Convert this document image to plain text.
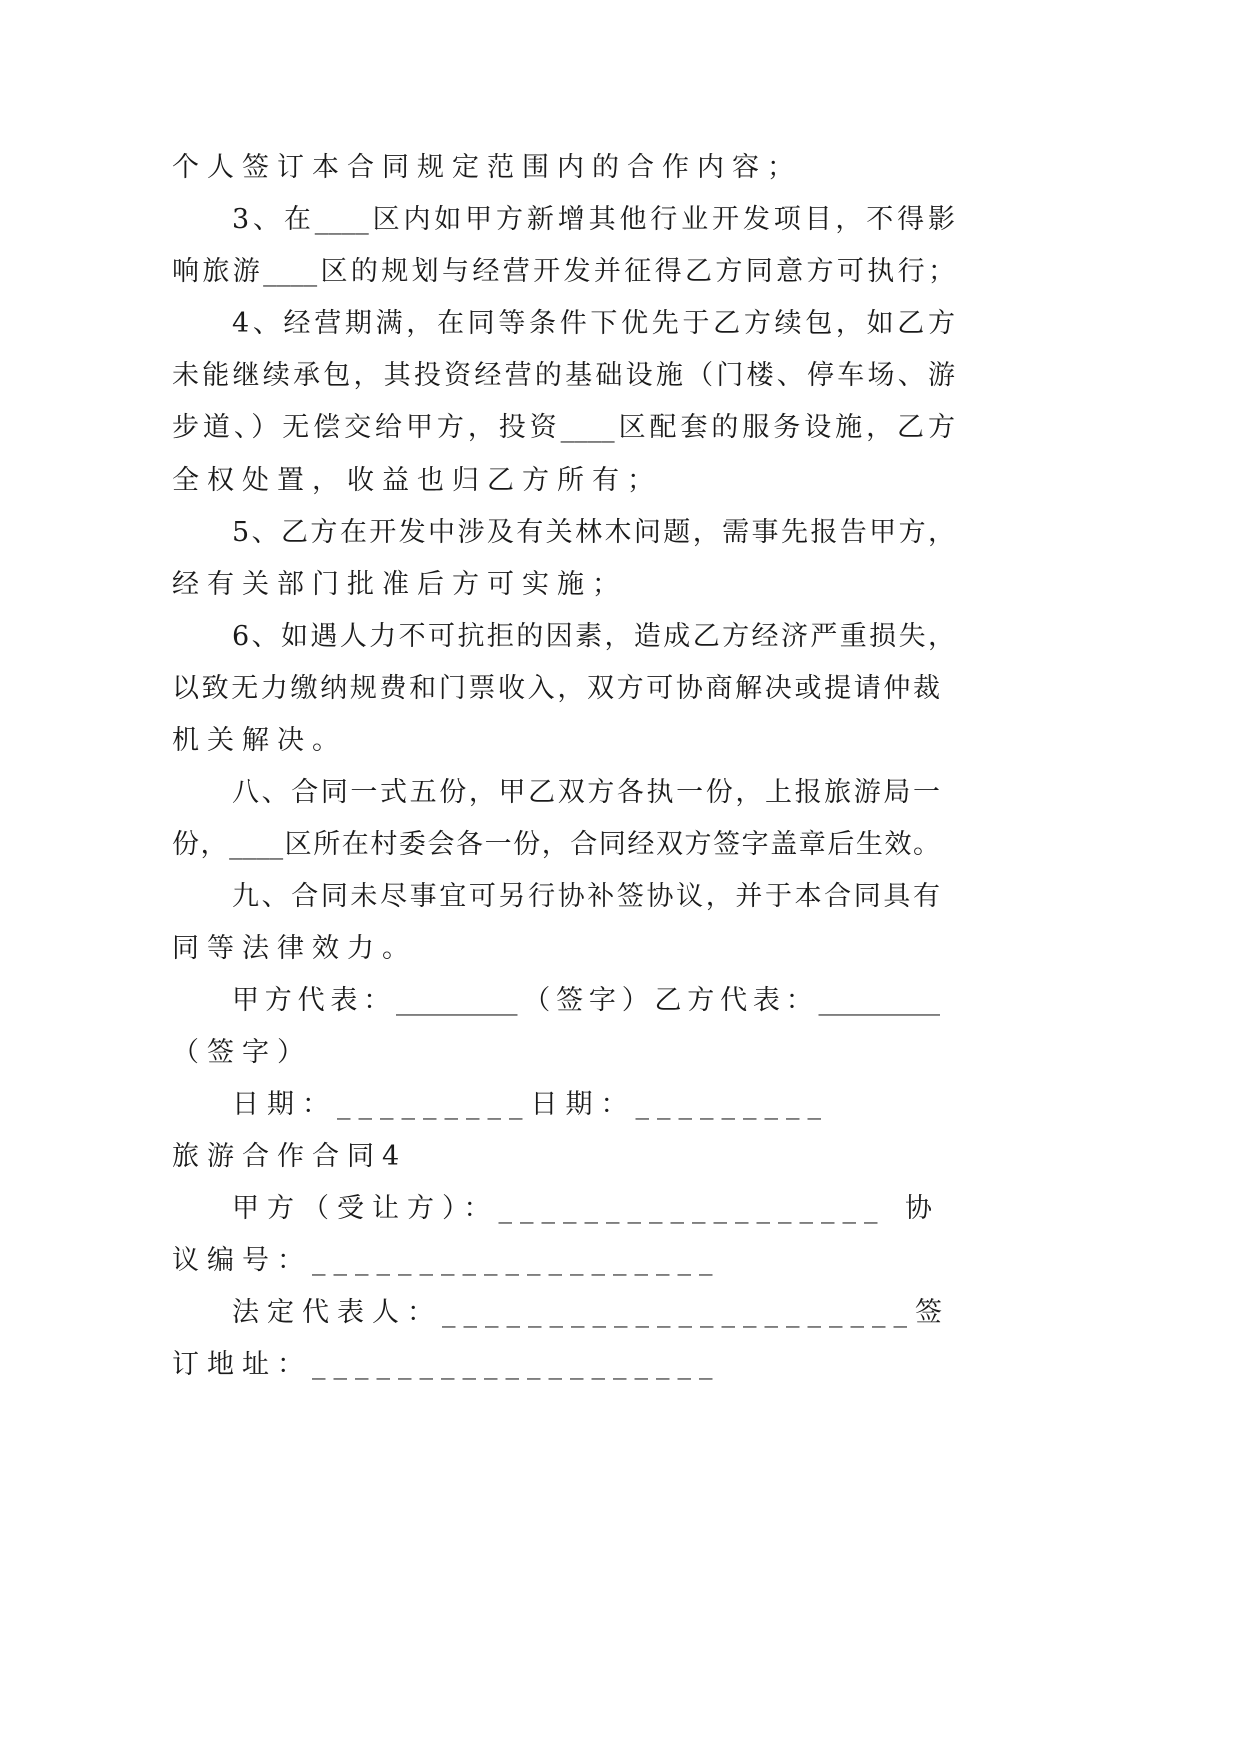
个人签订本合同规定范围内的合作内容；
3、在____区内如甲方新增其他行业开发项目，不得影
响旅游____区的规划与经营开发并征得乙方同意方可执行；
4、经营期满，在同等条件下优先于乙方续包，如乙方
未能继续承包，其投资经营的基础设施（门楼、停车场、游
步道、）无偿交给甲方，投资____区配套的服务设施，乙方
全权处置，收益也归乙方所有；
5、乙方在开发中涉及有关林木问题，需事先报告甲方，
经有关部门批准后方可实施；
6、如遇人力不可抗拒的因素，造成乙方经济严重损失，
以致无力缴纳规费和门票收入，双方可协商解决或提请仲裁
机关解决。
八、合同一式五份，甲乙双方各执一份，上报旅游局一
份，____区所在村委会各一份，合同经双方签字盖章后生效。
九、合同未尽事宜可另行协补签协议，并于本合同具有
同等法律效力。
甲方代表：_________（签字）乙方代表：_________
（签字）
日期：_________日期：_________
旅游合作合同4
甲方（受让方）：__________________ 协
议编号：___________________
法定代表人：______________________ 签
订地址：___________________
